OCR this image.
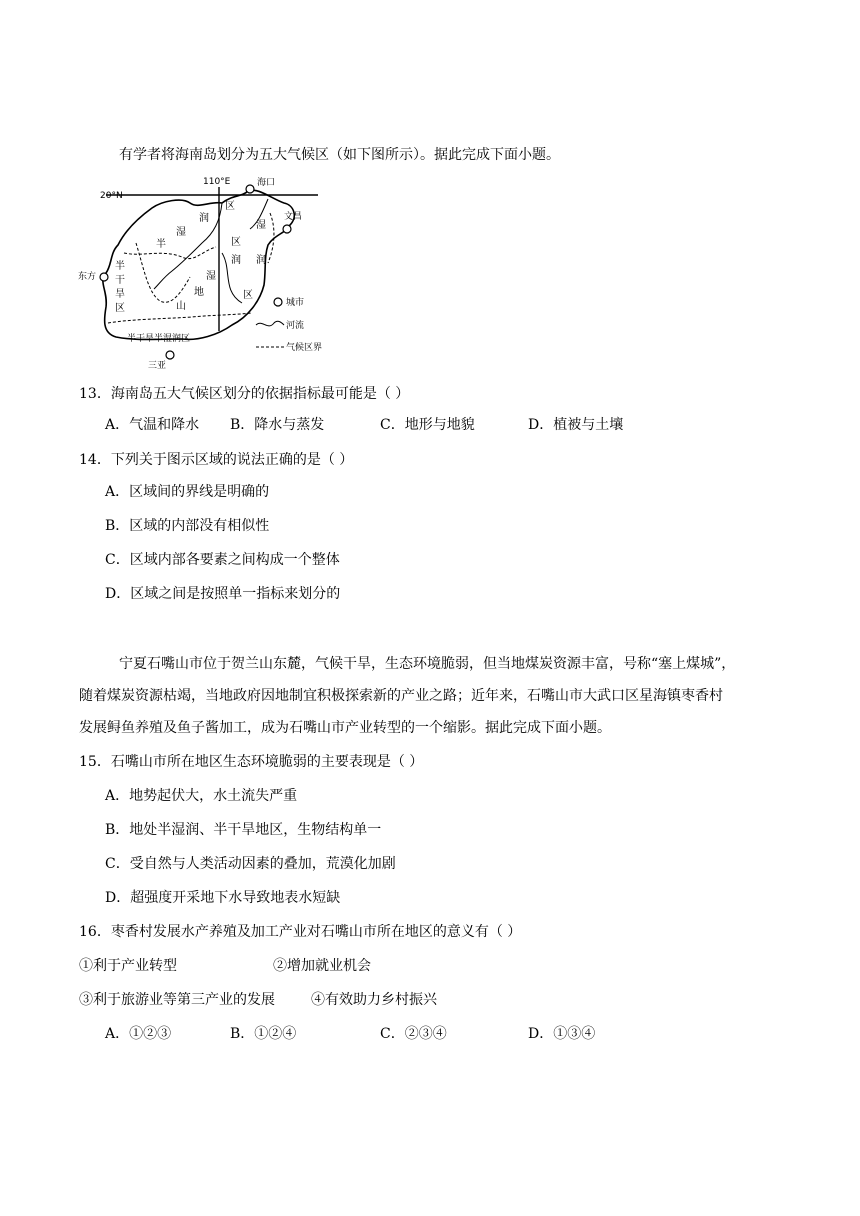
有学者将海南岛划分为五大气候区（如下图所示）。据此完成下面小题。
20°N
110°E	海口
文昌
东方
三亚
润
湿
区
半	区
湿
润 润
区
半
干
旱
区
湿
地
山
半干旱半湿润区
城市
河流
气候区界
13．海南岛五大气候区划分的依据指标最可能是（ ）
A．气温和降水 B．降水与蒸发	C．地形与地貌	D．植被与土壤
14．下列关于图示区域的说法正确的是（ ）
A．区域间的界线是明确的
B．区域的内部没有相似性
C．区域内部各要素之间构成一个整体
D．区域之间是按照单一指标来划分的
宁夏石嘴山市位于贺兰山东麓，气候干旱，生态环境脆弱，但当地煤炭资源丰富，号称“塞上煤城”，
随着煤炭资源枯竭，当地政府因地制宜积极探索新的产业之路；近年来，石嘴山市大武口区星海镇枣香村
发展鲟鱼养殖及鱼子酱加工，成为石嘴山市产业转型的一个缩影。据此完成下面小题。
15．石嘴山市所在地区生态环境脆弱的主要表现是（ ）
A．地势起伏大，水土流失严重
B．地处半湿润、半干旱地区，生物结构单一
C．受自然与人类活动因素的叠加，荒漠化加剧
D．超强度开采地下水导致地表水短缺
16．枣香村发展水产养殖及加工产业对石嘴山市所在地区的意义有（ ）
①利于产业转型	②增加就业机会
③利于旅游业等第三产业的发展	④有效助力乡村振兴
A．①②③	B．①②④	C．②③④	D．①③④
